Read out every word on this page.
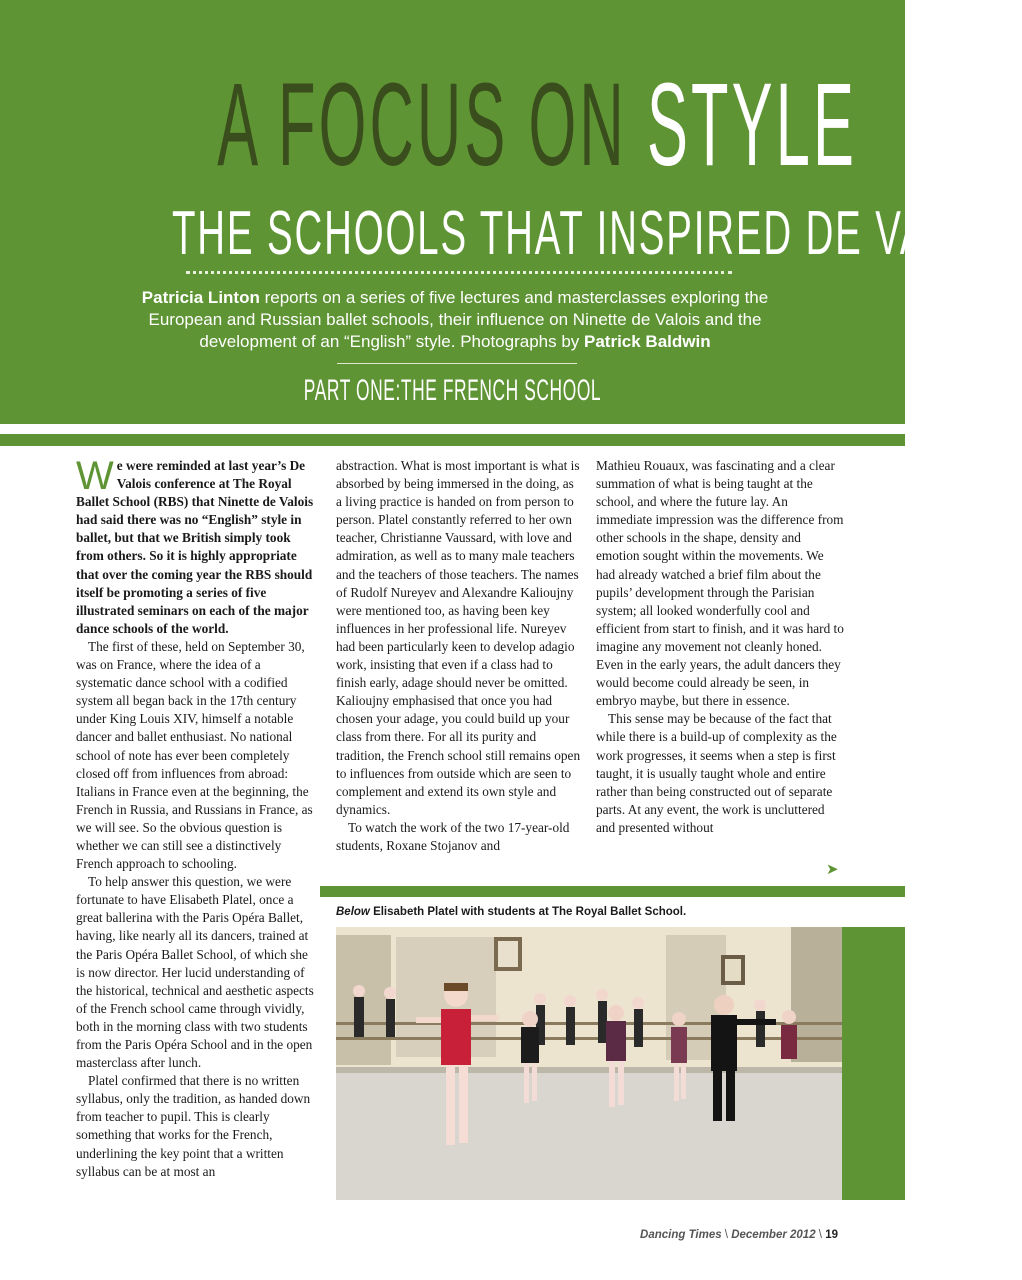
A FOCUS ON STYLE
THE SCHOOLS THAT INSPIRED DE VALOIS
Patricia Linton reports on a series of five lectures and masterclasses exploring the European and Russian ballet schools, their influence on Ninette de Valois and the development of an “English” style. Photographs by Patrick Baldwin
PART ONE:THE FRENCH SCHOOL

We were reminded at last year’s De Valois conference at The Royal Ballet School (RBS) that Ninette de Valois had said there was no “English” style in ballet, but that we British simply took from others. So it is highly appropriate that over the coming year the RBS should itself be promoting a series of five illustrated seminars on each of the major dance schools of the world.

The first of these, held on September 30, was on France, where the idea of a systematic dance school with a codified system all began back in the 17th century under King Louis XIV, himself a notable dancer and ballet enthusiast. No national school of note has ever been completely closed off from influences from abroad: Italians in France even at the beginning, the French in Russia, and Russians in France, as we will see. So the obvious question is whether we can still see a distinctively French approach to schooling.

To help answer this question, we were fortunate to have Elisabeth Platel, once a great ballerina with the Paris Opéra Ballet, having, like nearly all its dancers, trained at the Paris Opéra Ballet School, of which she is now director. Her lucid understanding of the historical, technical and aesthetic aspects of the French school came through vividly, both in the morning class with two students from the Paris Opéra School and in the open masterclass after lunch.

Platel confirmed that there is no written syllabus, only the tradition, as handed down from teacher to pupil. This is clearly something that works for the French, underlining the key point that a written syllabus can be at most an

abstraction. What is most important is what is absorbed by being immersed in the doing, as a living practice is handed on from person to person. Platel constantly referred to her own teacher, Christianne Vaussard, with love and admiration, as well as to many male teachers and the teachers of those teachers. The names of Rudolf Nureyev and Alexandre Kalioujny were mentioned too, as having been key influences in her professional life. Nureyev had been particularly keen to develop adagio work, insisting that even if a class had to finish early, adage should never be omitted. Kalioujny emphasised that once you had chosen your adage, you could build up your class from there. For all its purity and tradition, the French school still remains open to influences from outside which are seen to complement and extend its own style and dynamics.

To watch the work of the two 17-year-old students, Roxane Stojanov and

Mathieu Rouaux, was fascinating and a clear summation of what is being taught at the school, and where the future lay. An immediate impression was the difference from other schools in the shape, density and emotion sought within the movements. We had already watched a brief film about the pupils’ development through the Parisian system; all looked wonderfully cool and efficient from start to finish, and it was hard to imagine any movement not cleanly honed. Even in the early years, the adult dancers they would become could already be seen, in embryo maybe, but there in essence.

This sense may be because of the fact that while there is a build-up of complexity as the work progresses, it seems when a step is first taught, it is usually taught whole and entire rather than being constructed out of separate parts. At any event, the work is uncluttered and presented without

➤
Below Elisabeth Platel with students at The Royal Ballet School.
Dancing Times \ December 2012 \ 19
